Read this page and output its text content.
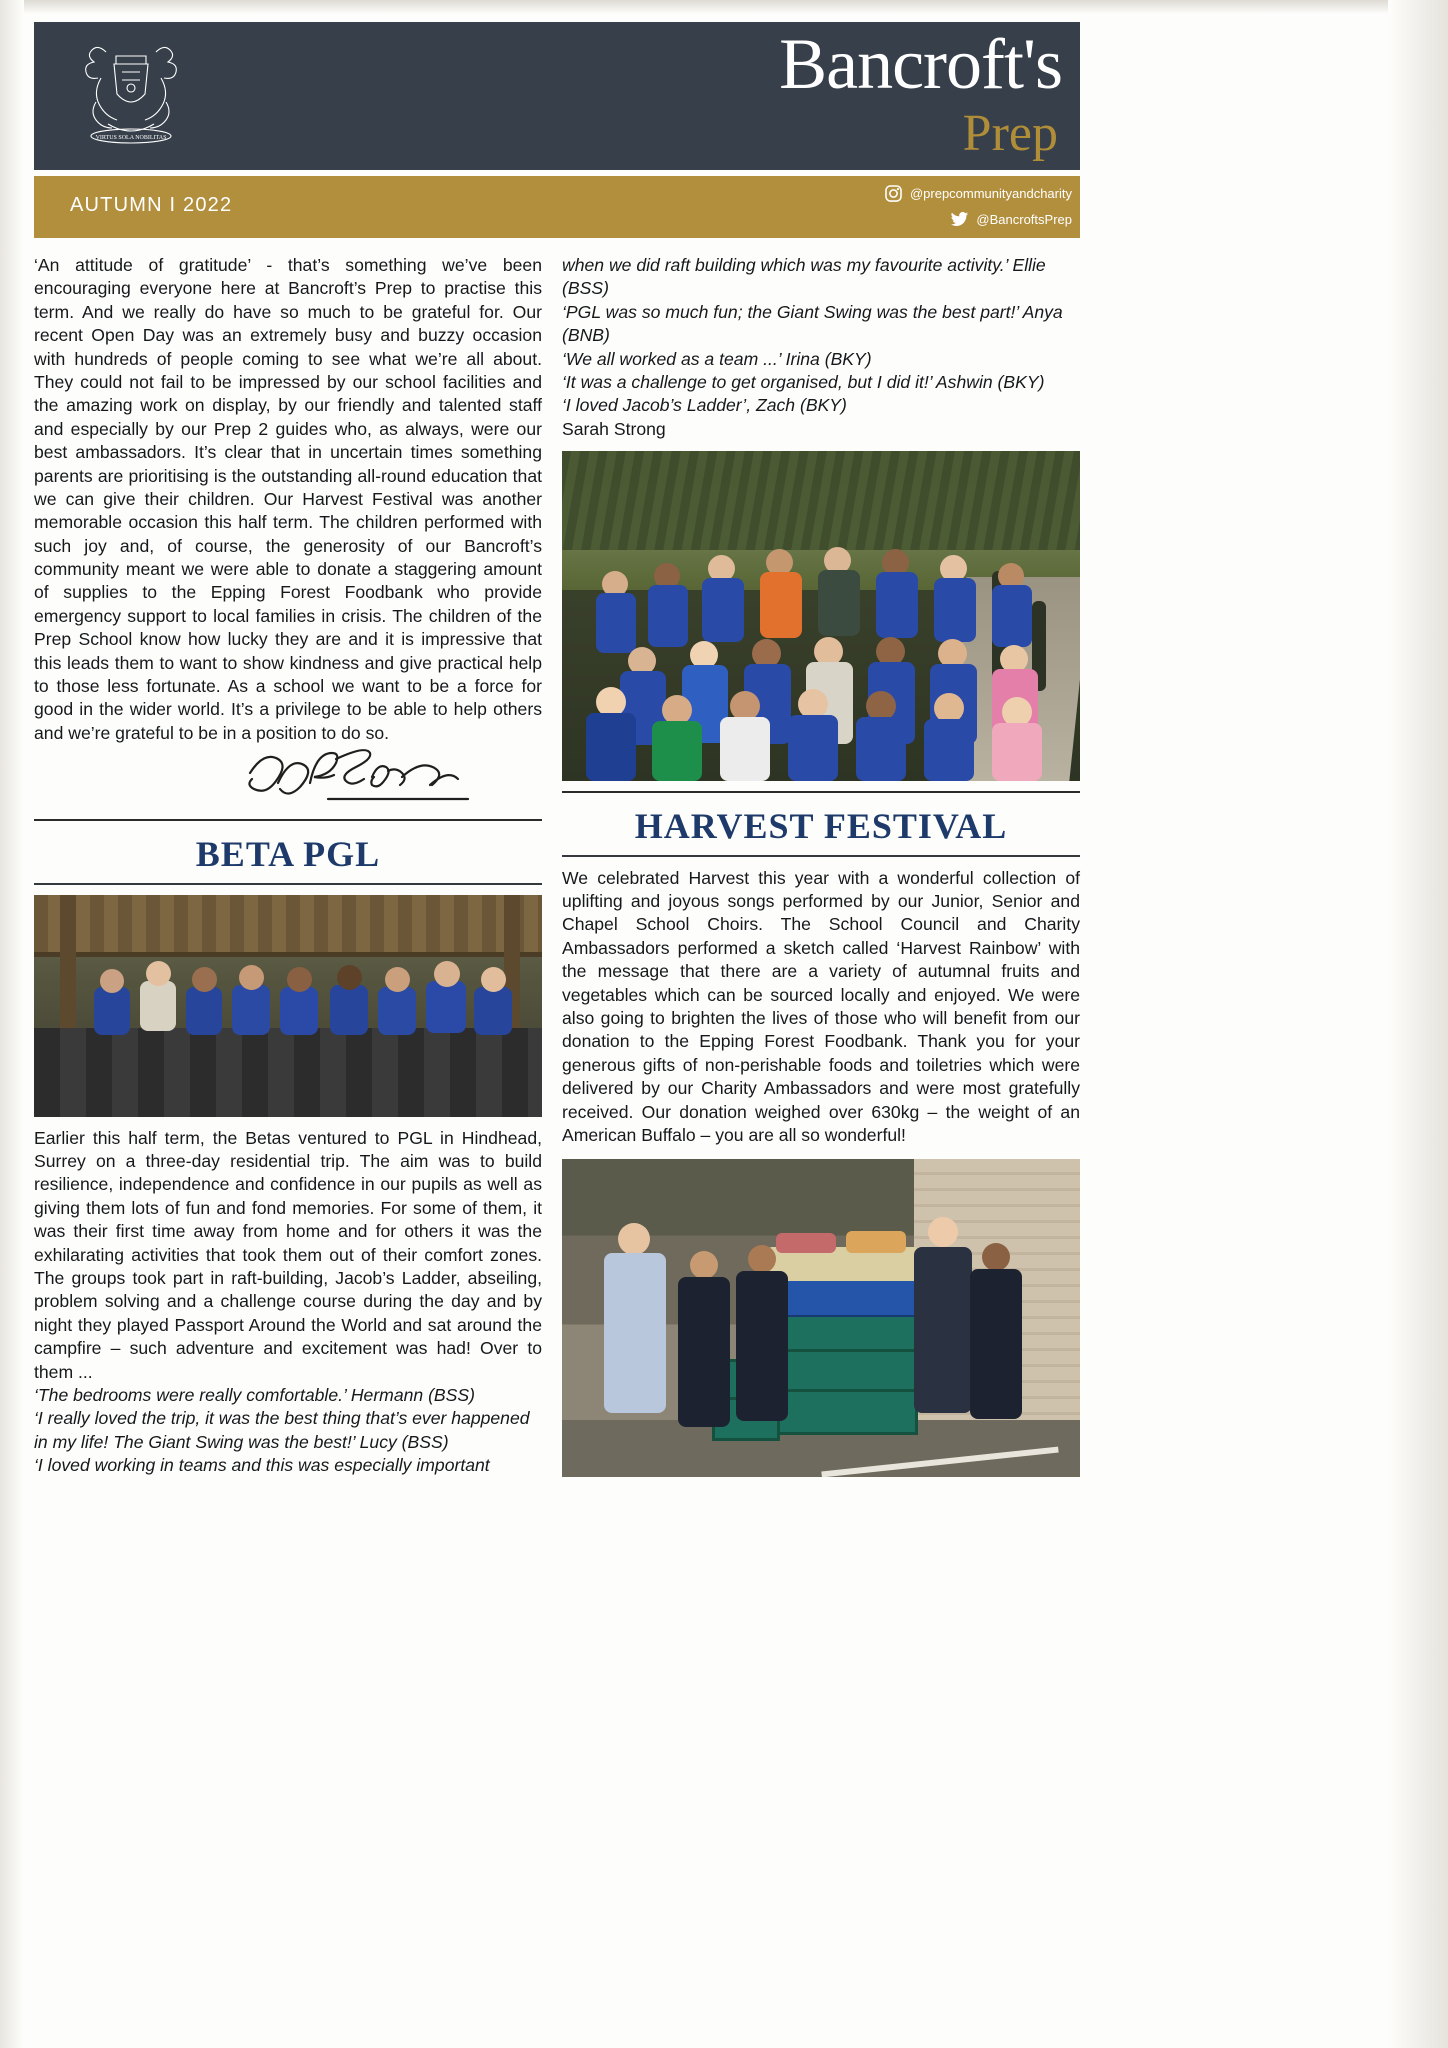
VIRTUS SOLA NOBILITAS
Bancroft's
Prep
AUTUMN I 2022
@prepcommunityandcharity
@BancroftsPrep

‘An attitude of gratitude’ - that’s something we’ve been encouraging everyone here at Bancroft’s Prep to practise this term. And we really do have so much to be grateful for. Our recent Open Day was an extremely busy and buzzy occasion with hundreds of people coming to see what we’re all about. They could not fail to be impressed by our school facilities and the amazing work on display, by our friendly and talented staff and especially by our Prep 2 guides who, as always, were our best ambassadors. It’s clear that in uncertain times something parents are prioritising is the outstanding all-round education that we can give their children. Our Harvest Festival was another memorable occasion this half term. The children performed with such joy and, of course, the generosity of our Bancroft’s community meant we were able to donate a staggering amount of supplies to the Epping Forest Foodbank who provide emergency support to local families in crisis. The children of the Prep School know how lucky they are and it is impressive that this leads them to want to show kindness and give practical help to those less fortunate. As a school we want to be a force for good in the wider world. It’s a privilege to be able to help others and we’re grateful to be in a position to do so.

BETA PGL

Earlier this half term, the Betas ventured to PGL in Hindhead, Surrey on a three-day residential trip. The aim was to build resilience, independence and confidence in our pupils as well as giving them lots of fun and fond memories. For some of them, it was their first time away from home and for others it was the exhilarating activities that took them out of their comfort zones. The groups took part in raft-building, Jacob’s Ladder, abseiling, problem solving and a challenge course during the day and by night they played Passport Around the World and sat around the campfire – such adventure and excitement was had! Over to them ...

‘The bedrooms were really comfortable.’ Hermann (BSS)

‘I really loved the trip, it was the best thing that’s ever happened in my life! The Giant Swing was the best!’ Lucy (BSS)

‘I loved working in teams and this was especially important

when we did raft building which was my favourite activity.’ Ellie (BSS)

‘PGL was so much fun; the Giant Swing was the best part!’ Anya (BNB)

‘We all worked as a team ...’ Irina (BKY)

‘It was a challenge to get organised, but I did it!’ Ashwin (BKY)

‘I loved Jacob’s Ladder’, Zach (BKY)

Sarah Strong

HARVEST FESTIVAL

We celebrated Harvest this year with a wonderful collection of uplifting and joyous songs performed by our Junior, Senior and Chapel School Choirs. The School Council and Charity Ambassadors performed a sketch called ‘Harvest Rainbow’ with the message that there are a variety of autumnal fruits and vegetables which can be sourced locally and enjoyed. We were also going to brighten the lives of those who will benefit from our donation to the Epping Forest Foodbank. Thank you for your generous gifts of non-perishable foods and toiletries which were delivered by our Charity Ambassadors and were most gratefully received. Our donation weighed over 630kg – the weight of an American Buffalo – you are all so wonderful!
